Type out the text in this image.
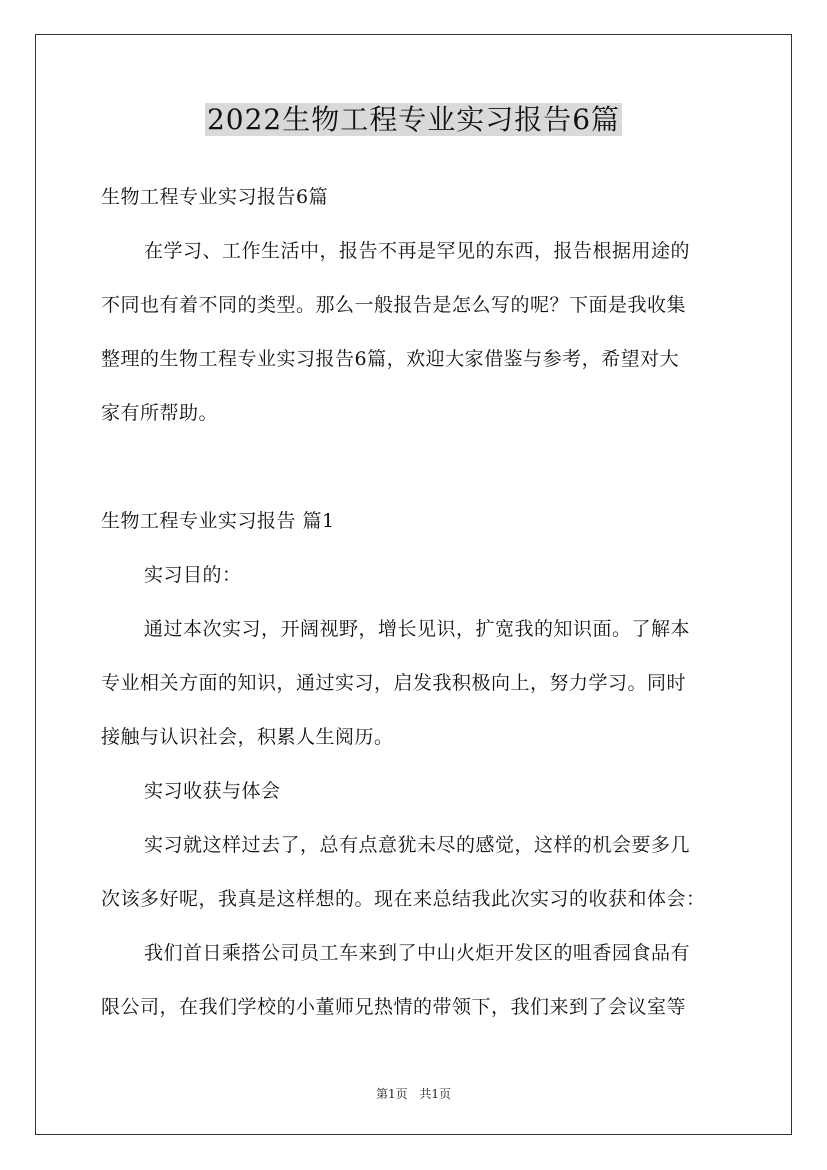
2022生物工程专业实习报告6篇
生物工程专业实习报告6篇
在学习、工作生活中，报告不再是罕见的东西，报告根据用途的
不同也有着不同的类型。那么一般报告是怎么写的呢？下面是我收集
整理的生物工程专业实习报告6篇，欢迎大家借鉴与参考，希望对大
家有所帮助。
生物工程专业实习报告 篇1
实习目的：
通过本次实习，开阔视野，增长见识，扩宽我的知识面。了解本
专业相关方面的知识，通过实习，启发我积极向上，努力学习。同时
接触与认识社会，积累人生阅历。
实习收获与体会
实习就这样过去了，总有点意犹未尽的感觉，这样的机会要多几
次该多好呢，我真是这样想的。现在来总结我此次实习的收获和体会：
我们首日乘搭公司员工车来到了中山火炬开发区的咀香园食品有
限公司，在我们学校的小董师兄热情的带领下，我们来到了会议室等
第1页 共1页
